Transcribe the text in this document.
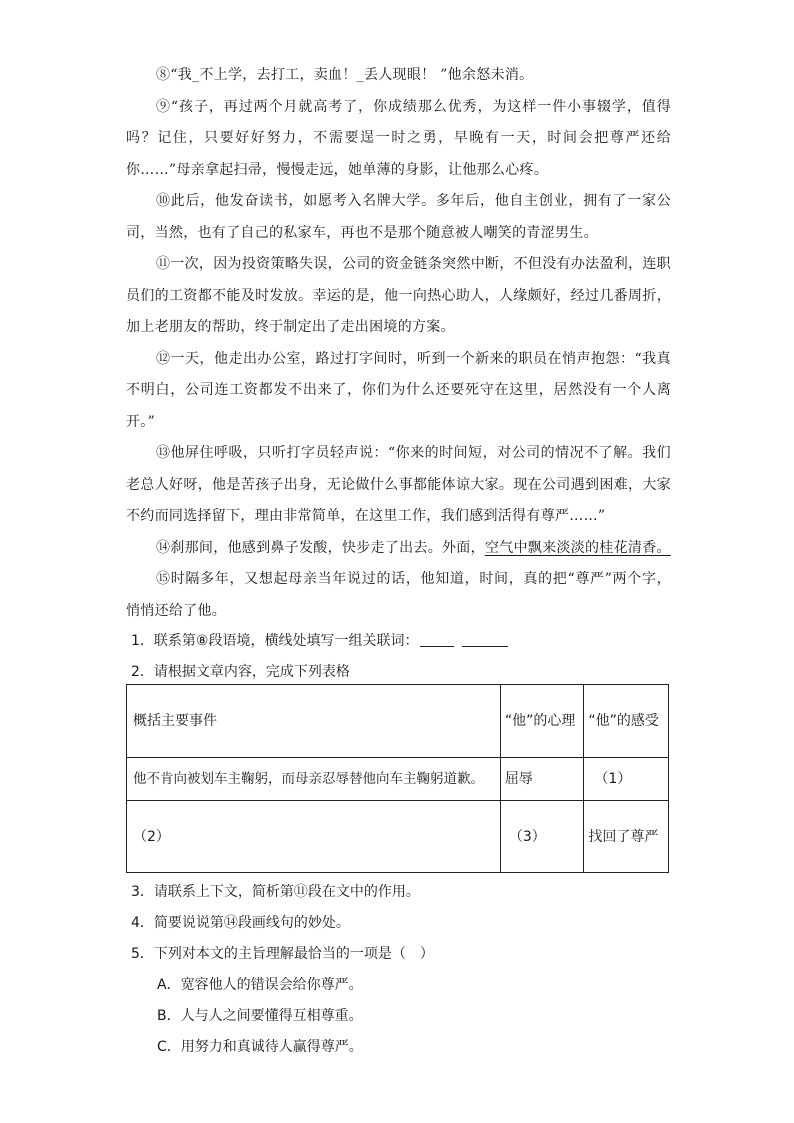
⑧“我_不上学，去打工，卖血！_丢人现眼！ ”他余怒未消。

⑨“孩子，再过两个月就高考了，你成绩那么优秀，为这样一件小事辍学，值得吗？记住，只要好好努力，不需要逞一时之勇，早晚有一天，时间会把尊严还给你……”母亲拿起扫帚，慢慢走远，她单薄的身影，让他那么心疼。

⑩此后，他发奋读书，如愿考入名牌大学。多年后，他自主创业，拥有了一家公司，当然，也有了自己的私家车，再也不是那个随意被人嘲笑的青涩男生。

⑪一次，因为投资策略失误，公司的资金链条突然中断，不但没有办法盈利，连职员们的工资都不能及时发放。幸运的是，他一向热心助人，人缘颇好，经过几番周折，加上老朋友的帮助，终于制定出了走出困境的方案。

⑫一天，他走出办公室，路过打字间时，听到一个新来的职员在悄声抱怨：“我真不明白，公司连工资都发不出来了，你们为什么还要死守在这里，居然没有一个人离开。”

⑬他屏住呼吸，只听打字员轻声说：“你来的时间短，对公司的情况不了解。我们老总人好呀，他是苦孩子出身，无论做什么事都能体谅大家。现在公司遇到困难，大家不约而同选择留下，理由非常简单，在这里工作，我们感到活得有尊严……”

⑭刹那间，他感到鼻子发酸，快步走了出去。外面，空气中飘来淡淡的桂花清香。

⑮时隔多年，又想起母亲当年说过的话，他知道，时间，真的把“尊严”两个字，悄悄还给了他。

1．联系第⑧段语境，横线处填写一组关联词：
2．请根据文章内容，完成下列表格
概括主要事件	“他”的心理	“他”的感受
他不肯向被划车主鞠躬，而母亲忍辱替他向车主鞠躬道歉。	屈辱	（1）
（2）	（3）	找回了尊严
3．请联系上下文，简析第⑪段在文中的作用。
4．简要说说第⑭段画线句的妙处。
5．下列对本文的主旨理解最恰当的一项是（　）
A．宽容他人的错误会给你尊严。
B．人与人之间要懂得互相尊重。
C．用努力和真诚待人赢得尊严。
